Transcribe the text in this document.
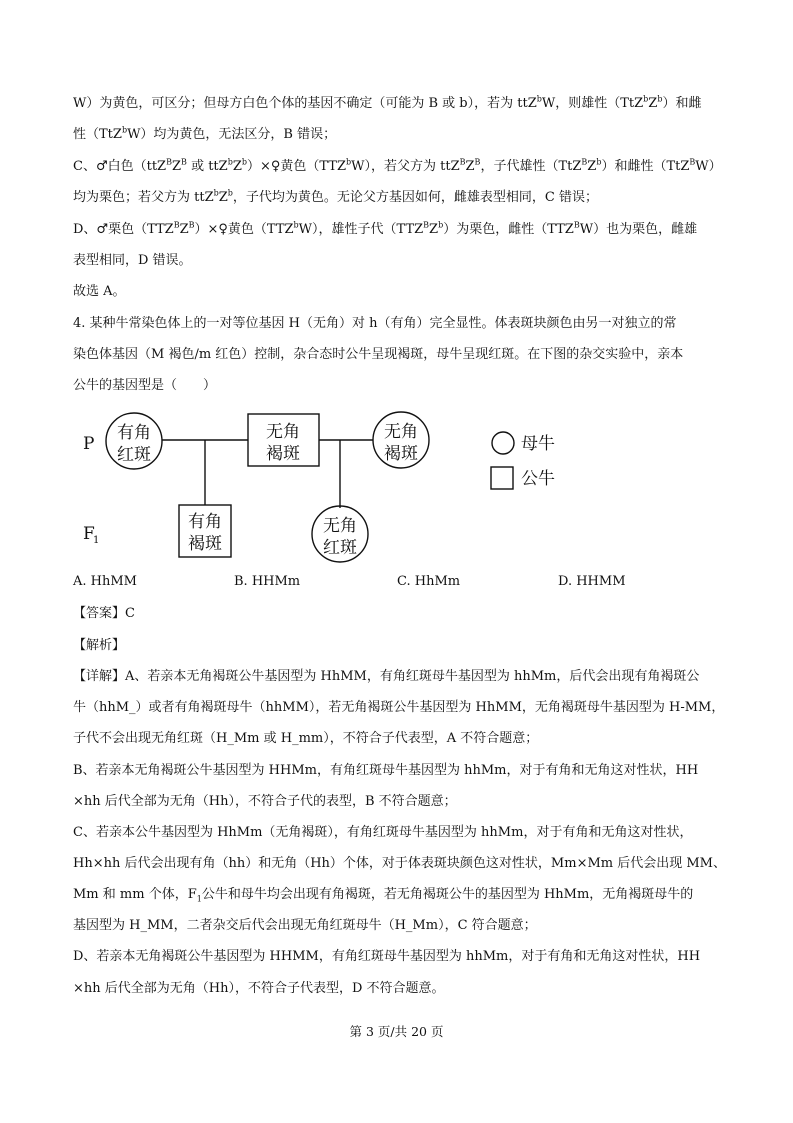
W）为黄色，可区分；但母方白色个体的基因不确定（可能为 B 或 b），若为 ttZ$^b$W，则雄性$(TtZ^bZ^b)$和雌
性（TtZ$^b$W）均为黄色，无法区分，B 错误；
C、♂白色（$ttZ^BZ^B$ 或 $ttZ^bZ^b)\times♀$黄色（TTZ$^b$W），若父方为 $ttZ^BZ^B$，子代雄性$(TtZ^BZ^b)$和雌性（TtZ$^B$W）
均为栗色；若父方为 $ttZ^bZ^b$，子代均为黄色。无论父方基因如何，雌雄表型相同，C 错误；
D、♂栗色$(TTZ^BZ^B)\times♀$黄色（TTZ$^b$W），雄性子代$(TTZ^BZ^b)$为栗色，雌性$(TTZ^BW)$也为栗色，雌雄
表型相同，D 错误。
故选 A。
4. 某种牛常染色体上的一对等位基因 H（无角）对 h（有角）完全显性。体表斑块颜色由另一对独立的常
染色体基因（M 褐色/m 红色）控制，杂合态时公牛呈现褐斑，母牛呈现红斑。在下图的杂交实验中，亲本
公牛的基因型是（　　）
有角
红斑
无角
褐斑
无角
褐斑
有角
褐斑
无角
红斑
P
F
1
母牛
公牛
A. HhMM	B. HHMm	C. HhMm	D. HHMM
【答案】C
【解析】
【详解】A、若亲本无角褐斑公牛基因型为 HhMM，有角红斑母牛基因型为 hhMm，后代会出现有角褐斑公
牛（hhM_）或者有角褐斑母牛（hhMM），若无角褐斑公牛基因型为 HhMM，无角褐斑母牛基因型为 H-MM，
子代不会出现无角红斑（H_Mm 或 H_mm），不符合子代表型，A 不符合题意；
B、若亲本无角褐斑公牛基因型为 HHMm，有角红斑母牛基因型为 hhMm，对于有角和无角这对性状，HH
×hh 后代全部为无角（Hh），不符合子代的表型，B 不符合题意；
C、若亲本公牛基因型为 HhMm（无角褐斑），有角红斑母牛基因型为 hhMm，对于有角和无角这对性状，
Hh×hh 后代会出现有角（hh）和无角（Hh）个体，对于体表斑块颜色这对性状，Mm×Mm 后代会出现 MM、
Mm 和 mm 个体，$F_1$公牛和母牛均会出现有角褐斑，若无角褐斑公牛的基因型为 HhMm，无角褐斑母牛的
基因型为 H_MM，二者杂交后代会出现无角红斑母牛（H_Mm），C 符合题意；
D、若亲本无角褐斑公牛基因型为 HHMM，有角红斑母牛基因型为 hhMm，对于有角和无角这对性状，HH
×hh 后代全部为无角（Hh），不符合子代表型，D 不符合题意。
第 3 页/共 20 页
